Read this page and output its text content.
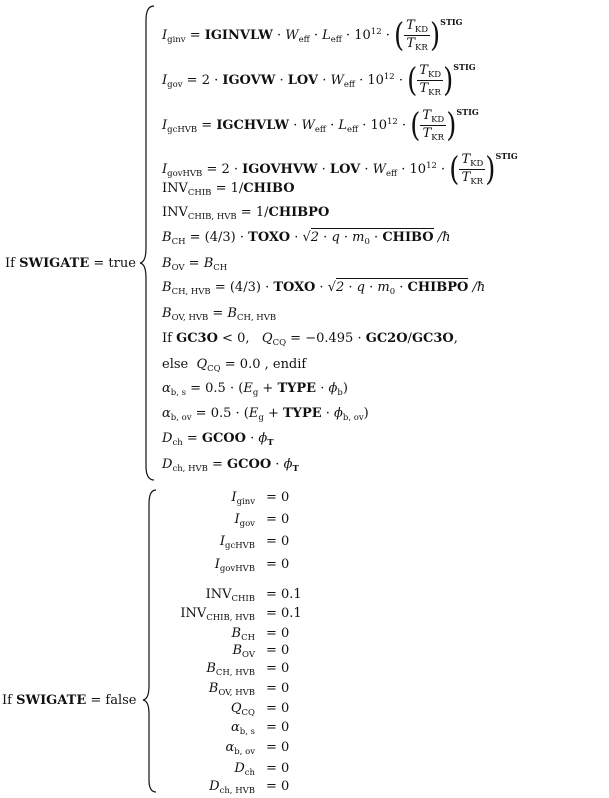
If SWIGATE = true
$I_{ginv}$ = IGINVLW · $W_{eff} \cdot L_{eff} \cdot 10^{12}$ · ( $\frac{T_{KD}}{T_{KR}} )^{STIG}$
$I_{gov} = 2$ · IGOVW · LOV · $W_{eff} \cdot 10^{12}$ · ( $\frac{T_{KD}}{T_{KR}} )^{STIG}$
$I_{gcHVB}$ = IGCHVLW · $W_{eff} \cdot L_{eff} \cdot 10^{12}$ · ( $\frac{T_{KD}}{T_{KR}} )^{STIG}$
$I_{govHVB} = 2$ · IGOVHVW · LOV · $W_{eff} \cdot 10^{12}$ · ( $\frac{T_{KD}}{T_{KR}} )^{STIG}$
$INV_{CHIB}$ = 1/CHIBO
$INV_{CHIB, HVB}$ = 1/CHIBPO
$B_{CH} = (4/3)$ · TOXO · $√2 \cdot q \cdot m_0$ · CHIBO /ħ
$B_{OV} = B_{CH}$
$B_{CH, HVB} = (4/3)$ · TOXO · $√2 \cdot q \cdot m_0$ · CHIBPO /ħ
$B_{OV, HVB} = B_{CH, HVB}$
If GC3O < 0,   $Q_{CQ} = -0.495 \cdot GC2O/GC3O$,
else  $Q_{CQ} = 0.0$ , endif
$\alpha_{b, s} = 0.5 \cdot (E_g$ + TYPE · $\phi_b$)
$\alpha_{b, ov} = 0.5 \cdot (E_g$ + TYPE · $\phi_{b, ov}$)
$D_{ch}$ = GCOO · $\phi_T$
$D_{ch, HVB}$ = GCOO · $\phi_T$
If SWIGATE = false
$I_{ginv} = 0$
$I_{gov} = 0$
$I_{gcHVB} = 0$
$I_{govHVB} = 0$
$INV_{CHIB} = 0.1$
$INV_{CHIB, HVB} = 0.1$
$B_{CH} = 0$
$B_{OV} = 0$
$B_{CH, HVB} = 0$
$B_{OV, HVB} = 0$
$Q_{CQ} = 0$
$\alpha_{b, s} = 0$
$\alpha_{b, ov} = 0$
$D_{ch} = 0$
$D_{ch, HVB} = 0$
